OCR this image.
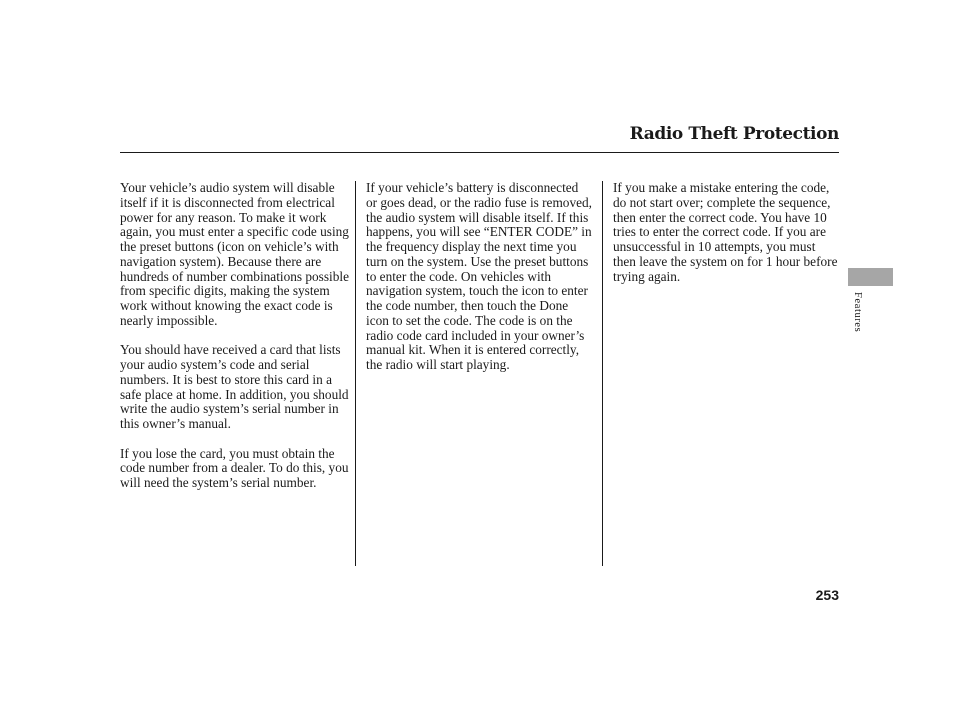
Radio Theft Protection

Your vehicle’s audio system will disable itself if it is disconnected from electrical power for any reason. To make it work again, you must enter a specific code using the preset buttons (icon on vehicle’s with navigation system). Because there are hundreds of number combinations possible from specific digits, making the system work without knowing the exact code is nearly impossible.

You should have received a card that lists your audio system’s code and serial numbers. It is best to store this card in a safe place at home. In addition, you should write the audio system’s serial number in this owner’s manual.

If you lose the card, you must obtain the code number from a dealer. To do this, you will need the system’s serial number.

If your vehicle’s battery is disconnected or goes dead, or the radio fuse is removed, the audio system will disable itself. If this happens, you will see “ENTER CODE” in the frequency display the next time you turn on the system. Use the preset buttons to enter the code. On vehicles with navigation system, touch the icon to enter the code number, then touch the Done icon to set the code. The code is on the radio code card included in your owner’s manual kit. When it is entered correctly, the radio will start playing.

If you make a mistake entering the code, do not start over; complete the sequence, then enter the correct code. You have 10 tries to enter the correct code. If you are unsuccessful in 10 attempts, you must then leave the system on for 1 hour before trying again.

Features
253
